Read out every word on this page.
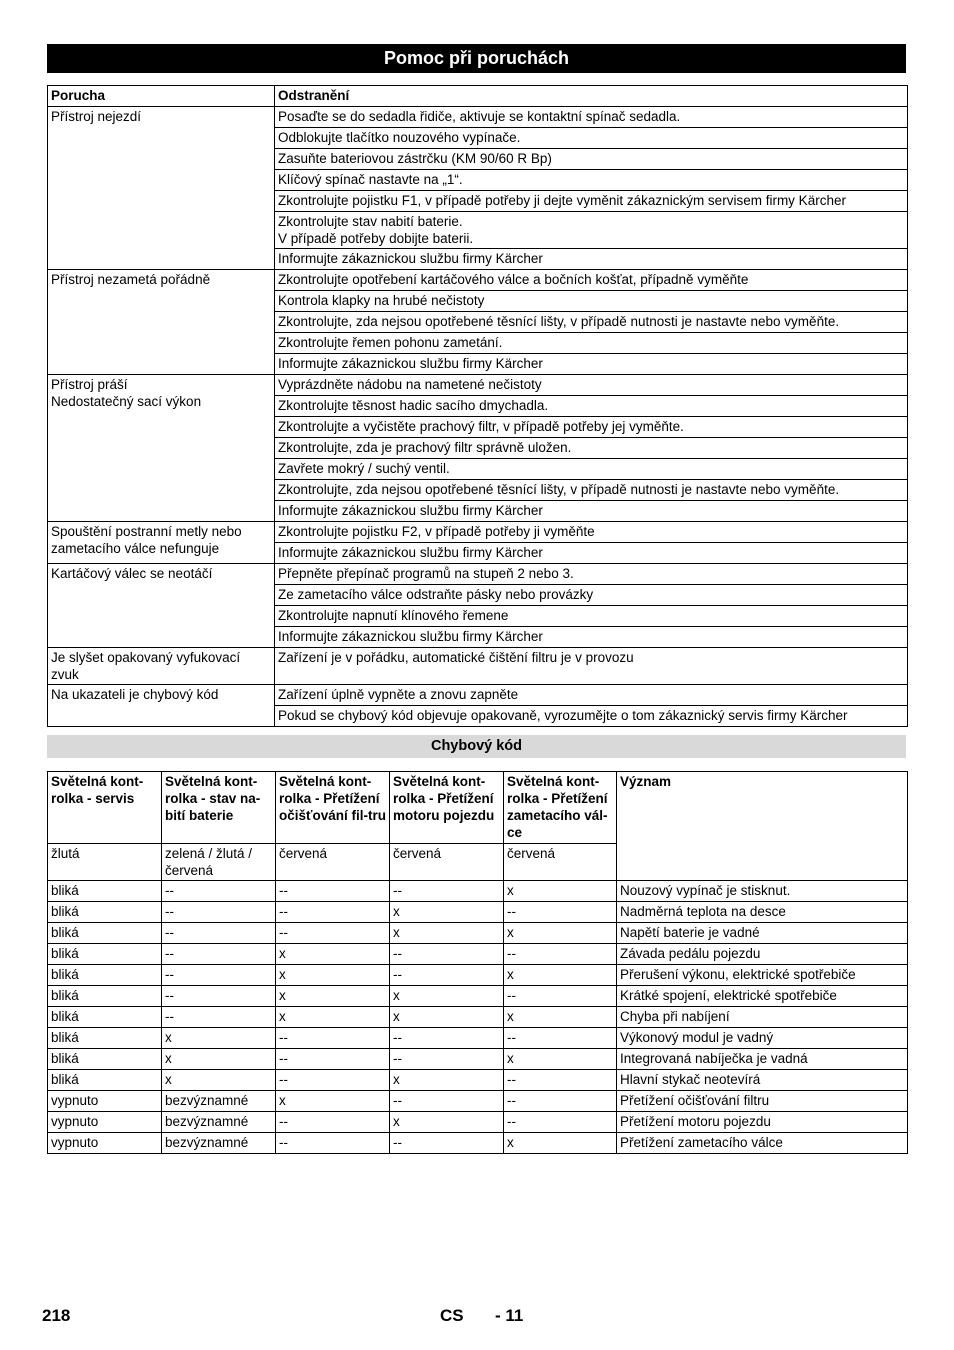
Pomoc při poruchách
Porucha	Odstranění

Přístroj nejezdí	Posaďte se do sedadla řidiče, aktivuje se kontaktní spínač sedadla.
	Odblokujte tlačítko nouzového vypínače.
	Zasuňte bateriovou zástrčku (KM 90/60 R Bp)
	Klíčový spínač nastavte na „1“.
	Zkontrolujte pojistku F1, v případě potřeby ji dejte vyměnit zákaznickým servisem firmy Kärcher
	Zkontrolujte stav nabití baterie.
V případě potřeby dobijte baterii.
	Informujte zákaznickou službu firmy Kärcher

Přístroj nezametá pořádně	Zkontrolujte opotřebení kartáčového válce a bočních košťat, případně vyměňte
	Kontrola klapky na hrubé nečistoty
	Zkontrolujte, zda nejsou opotřebené těsnící lišty, v případě nutnosti je nastavte nebo vyměňte.
	Zkontrolujte řemen pohonu zametání.
	Informujte zákaznickou službu firmy Kärcher

Přístroj práší
Nedostatečný sací výkon	Vyprázdněte nádobu na nametené nečistoty
	Zkontrolujte těsnost hadic sacího dmychadla.
	Zkontrolujte a vyčistěte prachový filtr, v případě potřeby jej vyměňte.
	Zkontrolujte, zda je prachový filtr správně uložen.
	Zavřete mokrý / suchý ventil.
	Zkontrolujte, zda nejsou opotřebené těsnící lišty, v případě nutnosti je nastavte nebo vyměňte.
	Informujte zákaznickou službu firmy Kärcher

Spouštění postranní metly nebo zametacího válce nefunguje	Zkontrolujte pojistku F2, v případě potřeby ji vyměňte
	Informujte zákaznickou službu firmy Kärcher

Kartáčový válec se neotáčí	Přepněte přepínač programů na stupeň 2 nebo 3.
	Ze zametacího válce odstraňte pásky nebo provázky
	Zkontrolujte napnutí klínového řemene
	Informujte zákaznickou službu firmy Kärcher

Je slyšet opakovaný vyfukovací zvuk	Zařízení je v pořádku, automatické čištění filtru je v provozu

Na ukazateli je chybový kód	Zařízení úplně vypněte a znovu zapněte
	Pokud se chybový kód objevuje opakovaně, vyrozumějte o tom zákaznický servis firmy Kärcher
Chybový kód
Světelná kont-rolka - servis	Světelná kont-rolka - stav na-bití baterie	Světelná kont-rolka - Přetížení očišťování fil-tru	Světelná kont-rolka - Přetížení motoru pojezdu	Světelná kont-rolka - Přetížení zametacího vál-ce	Význam
žlutá	zelená / žlutá / červená	červená	červená	červená	
bliká	--	--	--	x	Nouzový vypínač je stisknut.
bliká	--	--	x	--	Nadměrná teplota na desce
bliká	--	--	x	x	Napětí baterie je vadné
bliká	--	x	--	--	Závada pedálu pojezdu
bliká	--	x	--	x	Přerušení výkonu, elektrické spotřebiče
bliká	--	x	x	--	Krátké spojení, elektrické spotřebiče
bliká	--	x	x	x	Chyba při nabíjení
bliká	x	--	--	--	Výkonový modul je vadný
bliká	x	--	--	x	Integrovaná nabíječka je vadná
bliká	x	--	x	--	Hlavní stykač neotevírá
vypnuto	bezvýznamné	x	--	--	Přetížení očišťování filtru
vypnuto	bezvýznamné	--	x	--	Přetížení motoru pojezdu
vypnuto	bezvýznamné	--	--	x	Přetížení zametacího válce
218	CS - 11
